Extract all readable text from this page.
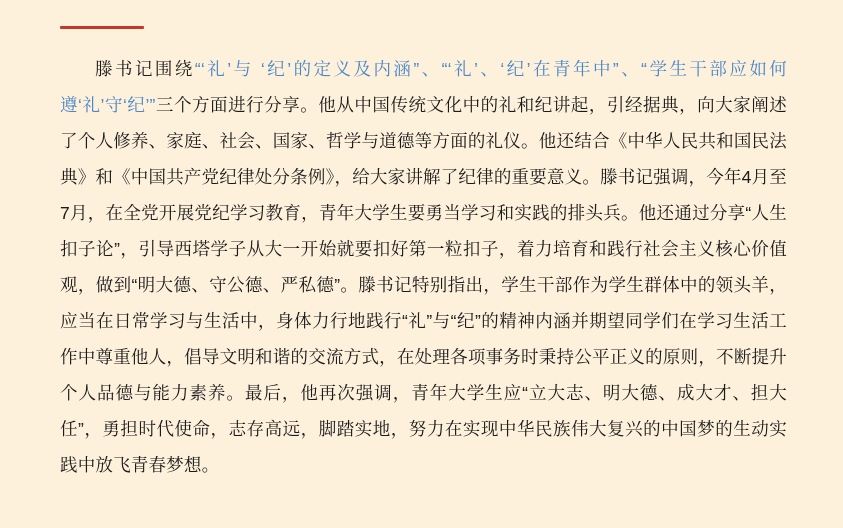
滕书记围绕“‘礼’与 ‘纪’的定义及内涵”、“‘礼’、‘纪’在青年中”、“学生干部应如何遵‘礼’守‘纪’”三个方面进行分享。他从中国传统文化中的礼和纪讲起，引经据典，向大家阐述了个人修养、家庭、社会、国家、哲学与道德等方面的礼仪。他还结合《中华人民共和国民法典》和《中国共产党纪律处分条例》，给大家讲解了纪律的重要意义。滕书记强调，今年4月至7月，在全党开展党纪学习教育，青年大学生要勇当学习和实践的排头兵。他还通过分享“人生扣子论”，引导西塔学子从大一开始就要扣好第一粒扣子，着力培育和践行社会主义核心价值观，做到“明大德、守公德、严私德”。滕书记特别指出，学生干部作为学生群体中的领头羊，应当在日常学习与生活中，身体力行地践行“礼”与“纪”的精神内涵并期望同学们在学习生活工作中尊重他人，倡导文明和谐的交流方式，在处理各项事务时秉持公平正义的原则，不断提升个人品德与能力素养。最后，他再次强调，青年大学生应“立大志、明大德、成大才、担大任”，勇担时代使命，志存高远，脚踏实地，努力在实现中华民族伟大复兴的中国梦的生动实践中放飞青春梦想。
